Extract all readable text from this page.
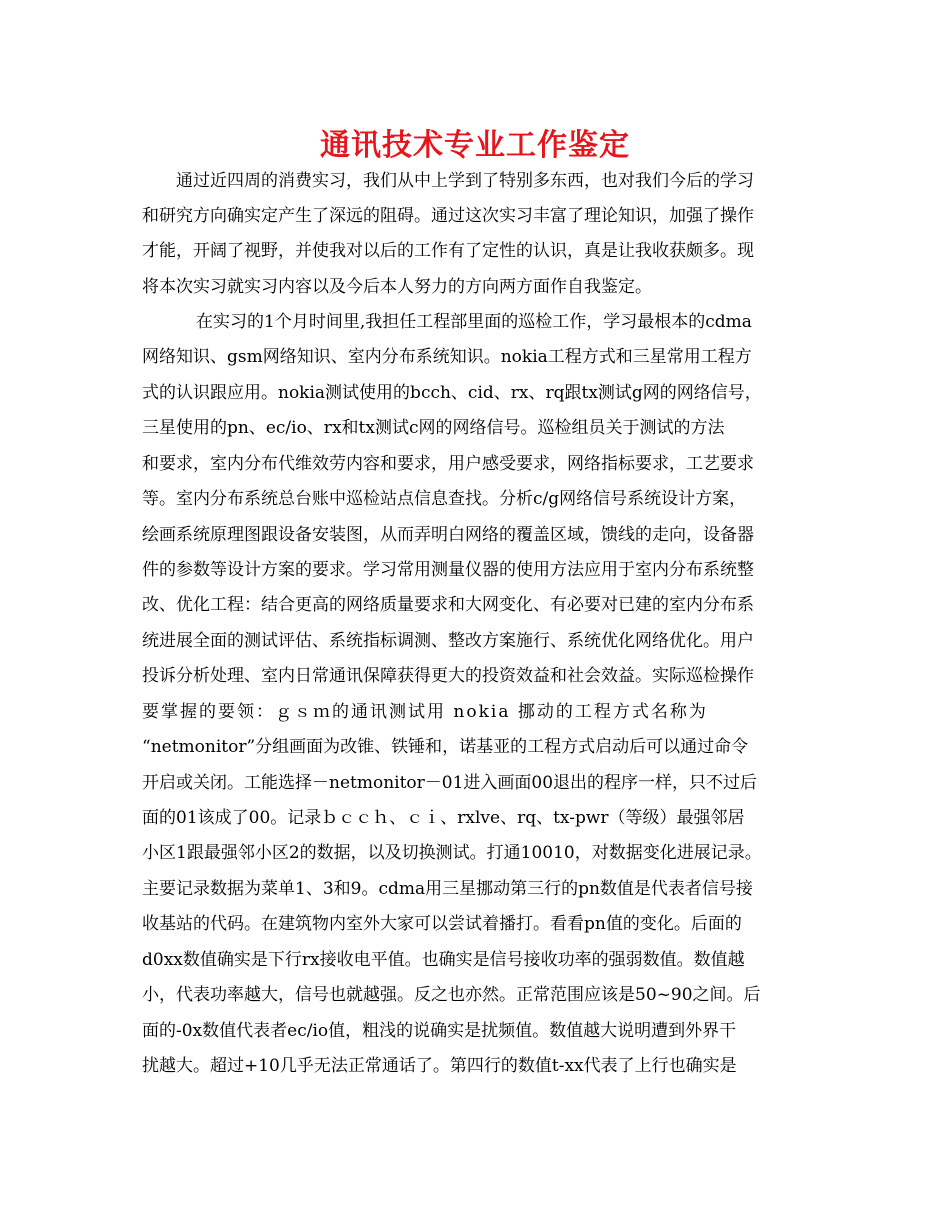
通讯技术专业工作鉴定
通过近四周的消费实习，我们从中上学到了特别多东西，也对我们今后的学习
和研究方向确实定产生了深远的阻碍。通过这次实习丰富了理论知识，加强了操作
才能，开阔了视野，并使我对以后的工作有了定性的认识，真是让我收获颇多。现
将本次实习就实习内容以及今后本人努力的方向两方面作自我鉴定。
在实习的1个月时间里,我担任工程部里面的巡检工作，学习最根本的cdma
网络知识、gsm网络知识、室内分布系统知识。nokia工程方式和三星常用工程方
式的认识跟应用。nokia测试使用的bcch、cid、rx、rq跟tx测试g网的网络信号，
三星使用的pn、ec/io、rx和tx测试c网的网络信号。巡检组员关于测试的方法
和要求，室内分布代维效劳内容和要求，用户感受要求，网络指标要求，工艺要求
等。室内分布系统总台账中巡检站点信息查找。分析c/g网络信号系统设计方案，
绘画系统原理图跟设备安装图，从而弄明白网络的覆盖区域，馈线的走向，设备器
件的参数等设计方案的要求。学习常用测量仪器的使用方法应用于室内分布系统整
改、优化工程：结合更高的网络质量要求和大网变化、有必要对已建的室内分布系
统进展全面的测试评估、系统指标调测、整改方案施行、系统优化网络优化。用户
投诉分析处理、室内日常通讯保障获得更大的投资效益和社会效益。实际巡检操作
要掌握的要领：ｇｓｍ的通讯测试用 nokia 挪动的工程方式名称为
“netmonitor”分组画面为改锥、铁锤和，诺基亚的工程方式启动后可以通过命令
开启或关闭。工能选择－netmonitor－01进入画面00退出的程序一样，只不过后
面的01该成了00。记录ｂｃｃｈ、ｃｉ、rxlve、rq、tx-pwr（等级）最强邻居
小区1跟最强邻小区2的数据，以及切换测试。打通10010，对数据变化进展记录。
主要记录数据为菜单1、3和9。cdma用三星挪动第三行的pn数值是代表者信号接
收基站的代码。在建筑物内室外大家可以尝试着播打。看看pn值的变化。后面的
d0xx数值确实是下行rx接收电平值。也确实是信号接收功率的强弱数值。数值越
小，代表功率越大，信号也就越强。反之也亦然。正常范围应该是50~90之间。后
面的-0x数值代表者ec/io值，粗浅的说确实是扰频值。数值越大说明遭到外界干
扰越大。超过+10几乎无法正常通话了。第四行的数值t-xx代表了上行也确实是
